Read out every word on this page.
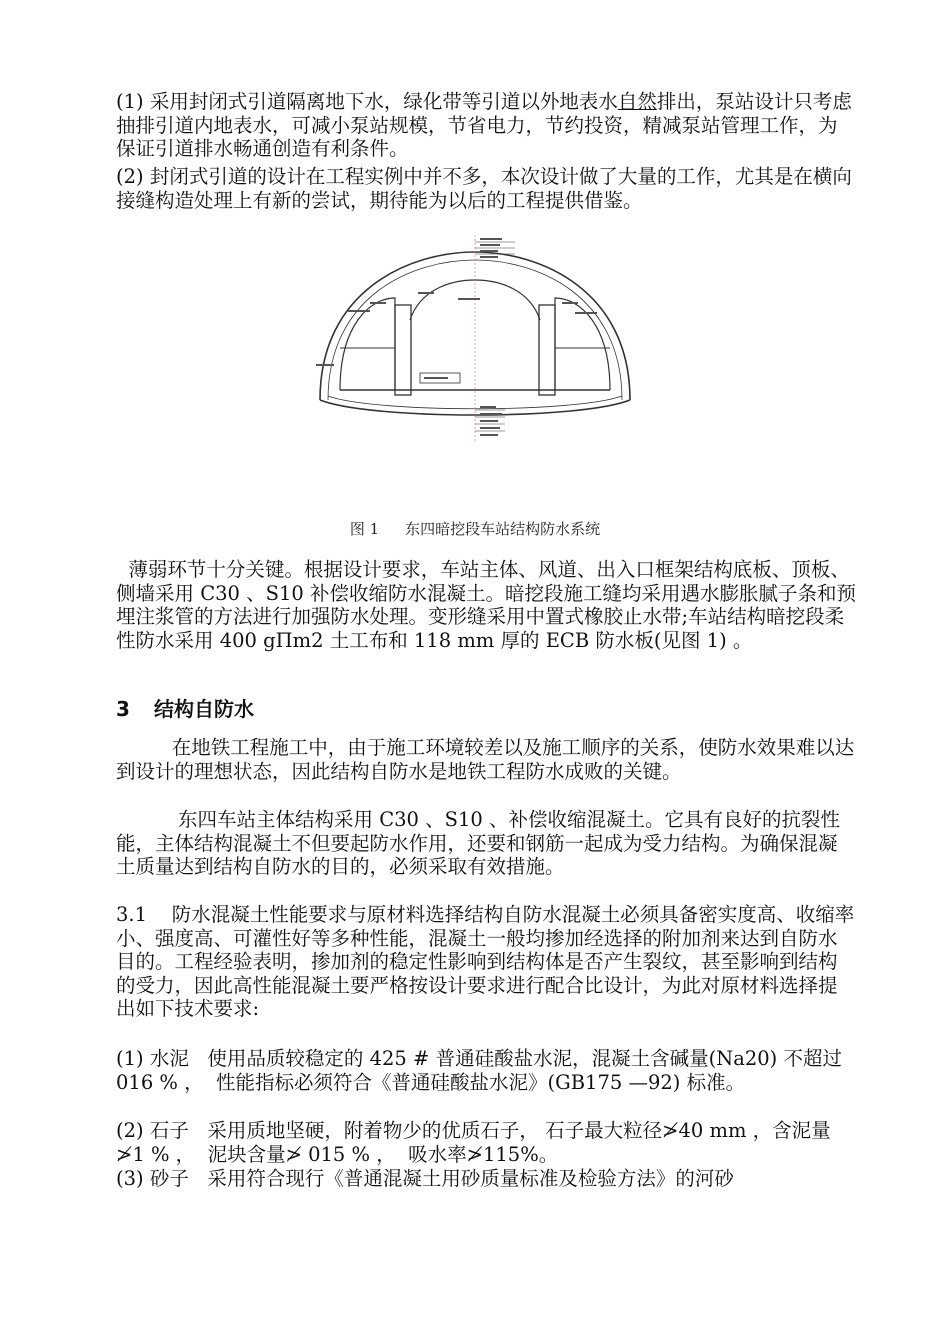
(1) 采用封闭式引道隔离地下水，绿化带等引道以外地表水自然排出，泵站设计只考虑抽排引道内地表水，可减小泵站规模，节省电力，节约投资，精减泵站管理工作，为保证引道排水畅通创造有利条件。

(2) 封闭式引道的设计在工程实例中并不多，本次设计做了大量的工作，尤其是在横向接缝构造处理上有新的尝试，期待能为以后的工程提供借鉴。

图 1 东四暗挖段车站结构防水系统

薄弱环节十分关键。根据设计要求，车站主体、风道、出入口框架结构底板、顶板、侧墙采用 C30 、S10 补偿收缩防水混凝土。暗挖段施工缝均采用遇水膨胀腻子条和预埋注浆管的方法进行加强防水处理。变形缝采用中置式橡胶止水带;车站结构暗挖段柔性防水采用 400 gΠm2 土工布和 118 mm 厚的 ECB 防水板(见图 1) 。

3 结构自防水

在地铁工程施工中，由于施工环境较差以及施工顺序的关系，使防水效果难以达到设计的理想状态，因此结构自防水是地铁工程防水成败的关键。

东四车站主体结构采用 C30 、S10 、补偿收缩混凝土。它具有良好的抗裂性能，主体结构混凝土不但要起防水作用，还要和钢筋一起成为受力结构。为确保混凝土质量达到结构自防水的目的，必须采取有效措施。

3.1    防水混凝土性能要求与原材料选择结构自防水混凝土必须具备密实度高、收缩率小、强度高、可灌性好等多种性能，混凝土一般均掺加经选择的附加剂来达到自防水目的。工程经验表明，掺加剂的稳定性影响到结构体是否产生裂纹，甚至影响到结构的受力，因此高性能混凝土要严格按设计要求进行配合比设计，为此对原材料选择提出如下技术要求:

(1) 水泥   使用品质较稳定的 425 # 普通硅酸盐水泥，混凝土含碱量(Na20) 不超过 016 % ，  性能指标必须符合《普通硅酸盐水泥》(GB175 —92) 标准。

(2) 石子   采用质地坚硬，附着物少的优质石子， 石子最大粒径≯40 mm ，含泥量≯1 % ，  泥块含量≯ 015 % ，  吸水率≯115%。

(3) 砂子   采用符合现行《普通混凝土用砂质量标准及检验方法》的河砂
